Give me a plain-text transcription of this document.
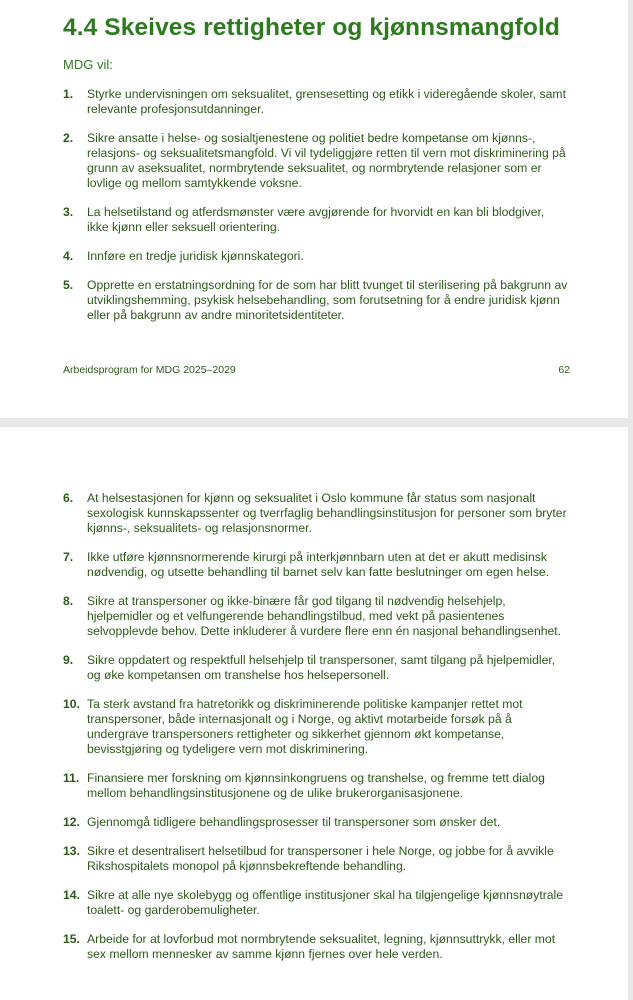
4.4 Skeives rettigheter og kjønnsmangfold
MDG vil:
1. Styrke undervisningen om seksualitet, grensesetting og etikk i videregående skoler, samt relevante profesjonsutdanninger.
2. Sikre ansatte i helse- og sosialtjenestene og politiet bedre kompetanse om kjønns-, relasjons- og seksualitetsmangfold. Vi vil tydeliggjøre retten til vern mot diskriminering på grunn av aseksualitet, normbrytende seksualitet, og normbrytende relasjoner som er lovlige og mellom samtykkende voksne.
3. La helsetilstand og atferdsmønster være avgjørende for hvorvidt en kan bli blodgiver, ikke kjønn eller seksuell orientering.
4. Innføre en tredje juridisk kjønnskategori.
5. Opprette en erstatningsordning for de som har blitt tvunget til sterilisering på bakgrunn av utviklingshemming, psykisk helsebehandling, som forutsetning for å endre juridisk kjønn eller på bakgrunn av andre minoritetsidentiteter.
Arbeidsprogram for MDG 2025–2029	62
6. At helsestasjonen for kjønn og seksualitet i Oslo kommune får status som nasjonalt sexologisk kunnskapssenter og tverrfaglig behandlingsinstitusjon for personer som bryter kjønns-, seksualitets- og relasjonsnormer.
7. Ikke utføre kjønnsnormerende kirurgi på interkjønnbarn uten at det er akutt medisinsk nødvendig, og utsette behandling til barnet selv kan fatte beslutninger om egen helse.
8. Sikre at transpersoner og ikke-binære får god tilgang til nødvendig helsehjelp, hjelpemidler og et velfungerende behandlingstilbud, med vekt på pasientenes selvopplevde behov. Dette inkluderer å vurdere flere enn én nasjonal behandlingsenhet.
9. Sikre oppdatert og respektfull helsehjelp til transpersoner, samt tilgang på hjelpemidler, og øke kompetansen om transhelse hos helsepersonell.
10. Ta sterk avstand fra hatretorikk og diskriminerende politiske kampanjer rettet mot transpersoner, både internasjonalt og i Norge, og aktivt motarbeide forsøk på å undergrave transpersoners rettigheter og sikkerhet gjennom økt kompetanse, bevisstgjøring og tydeligere vern mot diskriminering.
11. Finansiere mer forskning om kjønnsinkongruens og transhelse, og fremme tett dialog mellom behandlingsinstitusjonene og de ulike brukerorganisasjonene.
12. Gjennomgå tidligere behandlingsprosesser til transpersoner som ønsker det.
13. Sikre et desentralisert helsetilbud for transpersoner i hele Norge, og jobbe for å avvikle Rikshospitalets monopol på kjønnsbekreftende behandling.
14. Sikre at alle nye skolebygg og offentlige institusjoner skal ha tilgjengelige kjønnsnøytrale toalett- og garderobemuligheter.
15. Arbeide for at lovforbud mot normbrytende seksualitet, legning, kjønnsuttrykk, eller mot sex mellom mennesker av samme kjønn fjernes over hele verden.
